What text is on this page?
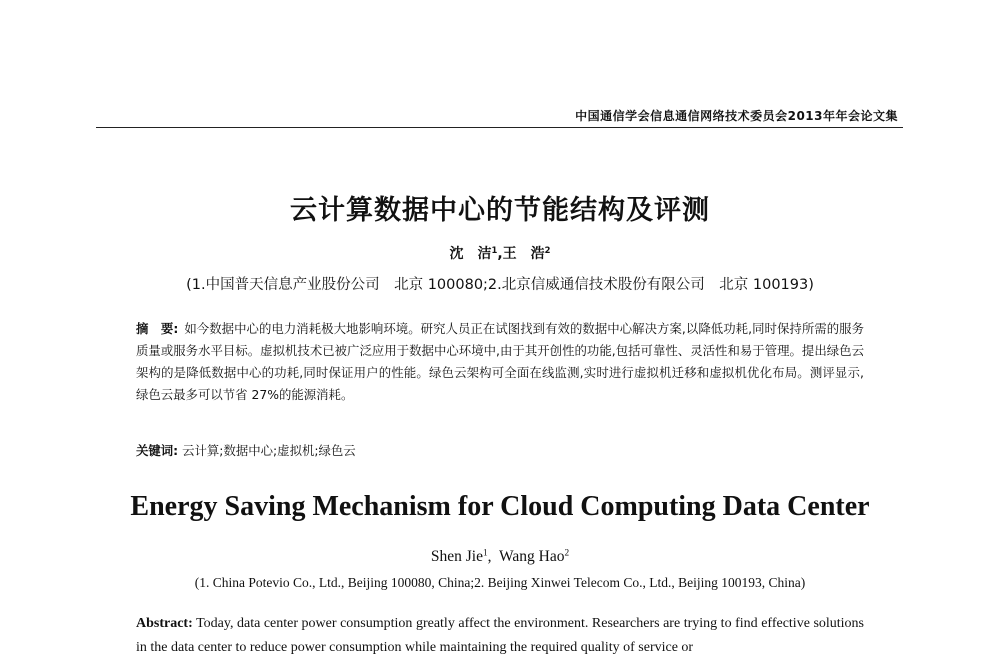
中国通信学会信息通信网络技术委员会2013年年会论文集
云计算数据中心的节能结构及评测
沈　洁$^1$,王　浩$^2$
(1.中国普天信息产业股份公司　北京 100080;2.北京信威通信技术股份有限公司　北京 100193)
摘　要: 如今数据中心的电力消耗极大地影响环境。研究人员正在试图找到有效的数据中心解决方案,以降低功耗,同时保持所需的服务质量或服务水平目标。虚拟机技术已被广泛应用于数据中心环境中,由于其开创性的功能,包括可靠性、灵活性和易于管理。提出绿色云架构的是降低数据中心的功耗,同时保证用户的性能。绿色云架构可全面在线监测,实时进行虚拟机迁移和虚拟机优化布局。测评显示,绿色云最多可以节省 27%的能源消耗。
关键词: 云计算;数据中心;虚拟机;绿色云
Energy Saving Mechanism for Cloud Computing Data Center
Shen Jie$^1$,  Wang Hao$^2$
(1. China Potevio Co., Ltd., Beijing 100080, China;2. Beijing Xinwei Telecom Co., Ltd., Beijing 100193, China)
Abstract: Today, data center power consumption greatly affect the environment. Researchers are trying to find effective solutions in the data center to reduce power consumption while maintaining the required quality of service or
